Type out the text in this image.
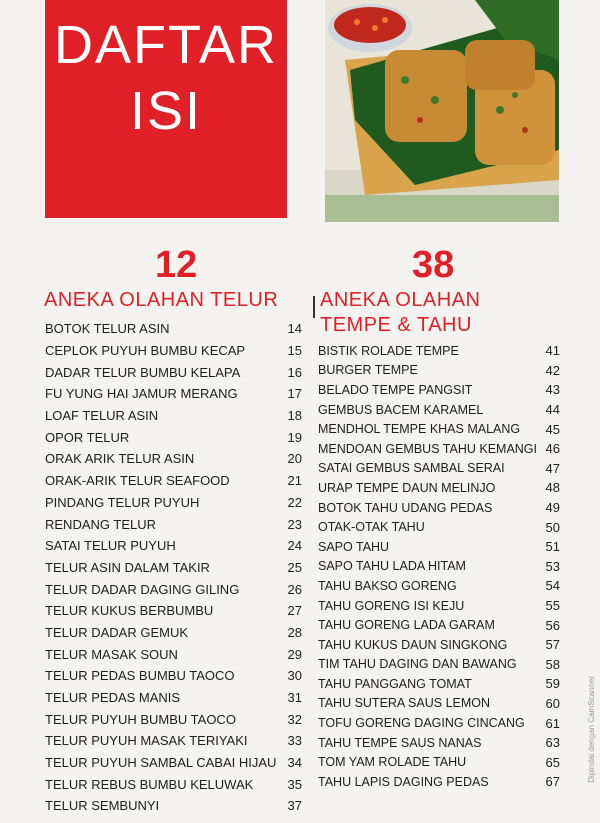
DAFTAR
ISI
12
ANEKA OLAHAN TELUR
38
ANEKA OLAHAN
TEMPE & TAHU
BOTOK TELUR ASIN	14
CEPLOK PUYUH BUMBU KECAP	15
DADAR TELUR BUMBU KELAPA	16
FU YUNG HAI JAMUR MERANG	17
LOAF TELUR ASIN	18
OPOR TELUR	19
ORAK ARIK TELUR ASIN	20
ORAK-ARIK TELUR SEAFOOD	21
PINDANG TELUR PUYUH	22
RENDANG TELUR	23
SATAI TELUR PUYUH	24
TELUR ASIN DALAM TAKIR	25
TELUR DADAR DAGING GILING	26
TELUR KUKUS BERBUMBU	27
TELUR DADAR GEMUK	28
TELUR MASAK SOUN	29
TELUR PEDAS BUMBU TAOCO	30
TELUR PEDAS MANIS	31
TELUR PUYUH BUMBU TAOCO	32
TELUR PUYUH MASAK TERIYAKI	33
TELUR PUYUH SAMBAL CABAI HIJAU 34
TELUR REBUS BUMBU KELUWAK	35
TELUR SEMBUNYI	37
BISTIK ROLADE TEMPE	41
BURGER TEMPE	42
BELADO TEMPE PANGSIT	43
GEMBUS BACEM KARAMEL	44
MENDHOL TEMPE KHAS MALANG 45
MENDOAN GEMBUS TAHU KEMANGI 46
SATAI GEMBUS SAMBAL SERAI	47
URAP TEMPE DAUN MELINJO	48
BOTOK TAHU UDANG PEDAS	49
OTAK-OTAK TAHU	50
SAPO TAHU	51
SAPO TAHU LADA HITAM	53
TAHU BAKSO GORENG	54
TAHU GORENG ISI KEJU	55
TAHU GORENG LADA GARAM	56
TAHU KUKUS DAUN SINGKONG	57
TIM TAHU DAGING DAN BAWANG 58
TAHU PANGGANG TOMAT	59
TAHU SUTERA SAUS LEMON	60
TOFU GORENG DAGING CINCANG 61
TAHU TEMPE SAUS NANAS	63
TOM YAM ROLADE TAHU	65
TAHU LAPIS DAGING PEDAS	67	Dipindai dengan CamScanner
